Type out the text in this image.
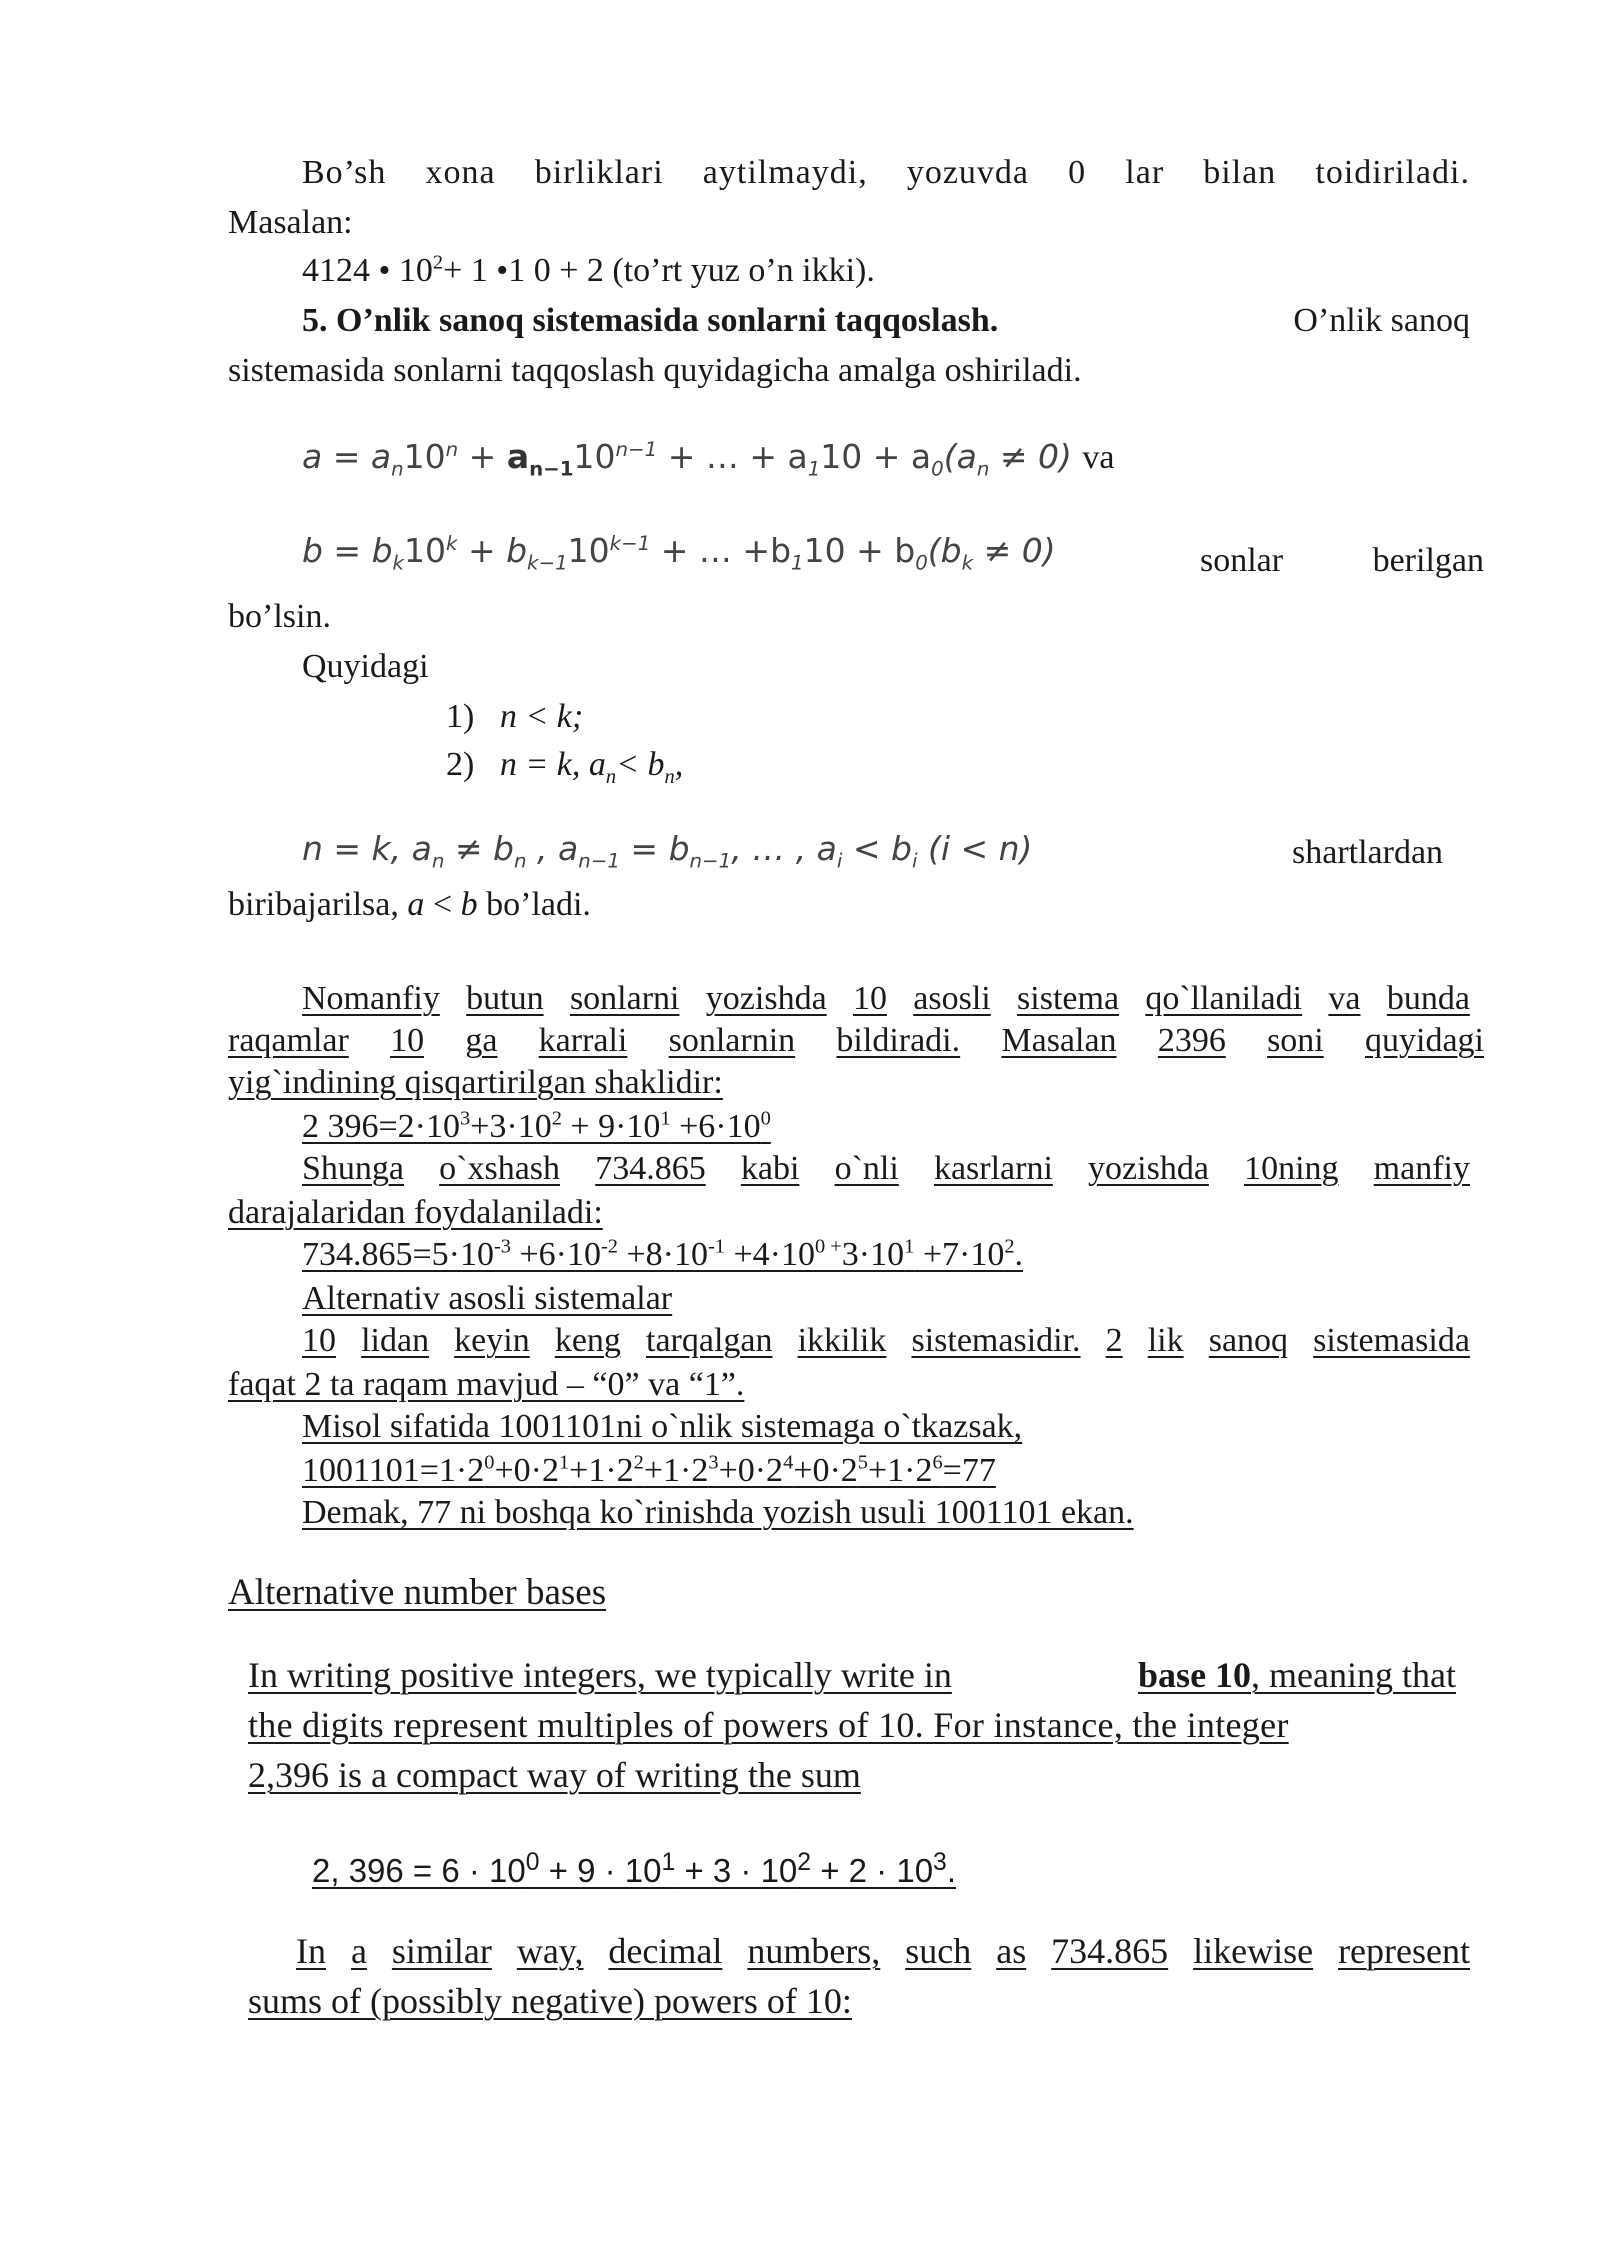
Bo’sh xona birliklari aytilmaydi, yozuvda 0 lar bilan toidiriladi.
Masalan:
4124 • $10^2+ 1$ •1 0 + 2 (to’rt yuz o’n ikki).
5. O’nlik sanoq sistemasida sonlarni taqqoslash.	O’nlik sanoq
sistemasida sonlarni taqqoslash quyidagicha amalga oshiriladi.
$a = a_n10^n + a_{n-1}10^{n-1}$ + … + $a_110 + a_0(a_n \ne 0)$ va
$b = b_k10^k + b_{k-1}10^{k-1}$ + … $+b_110 + b_0(b_k \ne 0)$	sonlar	berilgan
bo’lsin.
Quyidagi
1) n < k;
2) n = k, $a_n< b_n$,
n = k, $a_n \ne b_n$ , $a_{n-1} = b_{n-1}$, … , $a_i < b_i$ (i < n)	shartlardan
biribajarilsa, a < b bo’ladi.
Nomanfiy butun sonlarni yozishda 10 asosli sistema qo`llaniladi va bunda
raqamlar 10 ga karrali sonlarnin bildiradi. Masalan 2396 soni quyidagi
yig`indining qisqartirilgan shaklidir:
2 $396=2\cdot 10^3+3\cdot 10^2 + 9\cdot 10^1 +6\cdot 10^0$
Shunga o`xshash 734.865 kabi o`nli kasrlarni yozishda 10ning manfiy
darajalaridan foydalaniladi:
$734.865=5\cdot 10^{-3} +6\cdot 10^{-2} +8\cdot 10^{-1} +4\cdot 10^{0 +}3\cdot 10^1 +7\cdot 10^2$.
Alternativ asosli sistemalar
10 lidan keyin keng tarqalgan ikkilik sistemasidir. 2 lik sanoq sistemasida
faqat 2 ta raqam mavjud – “0” va “1”.
Misol sifatida 1001101ni o`nlik sistemaga o`tkazsak,
$1001101=1\cdot 2^0+0\cdot 2^1+1\cdot 2^2+1\cdot 2^3+0\cdot 2^4+0\cdot 2^5+1\cdot 2^6=77$
Demak, 77 ni boshqa ko`rinishda yozish usuli 1001101 ekan.
Alternative number bases
In writing positive integers, we typically write in	base 10, meaning that
the digits represent multiples of powers of 10. For instance, the integer
2,396 is a compact way of writing the sum
2, $396 = 6 \cdot 10^0 + 9 \cdot 10^1 + 3 \cdot 10^2 + 2 \cdot 10^3$.
In a similar way, decimal numbers, such as 734.865 likewise represent
sums of (possibly negative) powers of 10:
